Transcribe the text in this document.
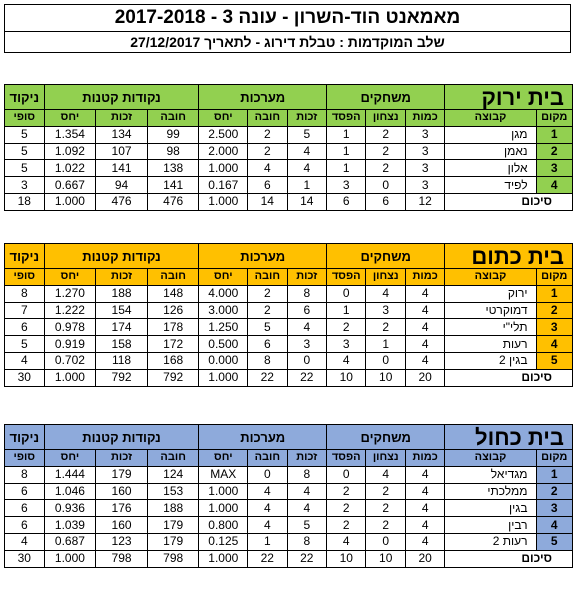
מאמאנט הוד-השרון - עונה 3 - 2017-2018
שלב המוקדמות : טבלת דירוג - לתאריך 27/12/2017
בית ירוק		משחקים			מערכות			נקודות קטנות			ניקוד

מקום	קבוצה	כמות	נצחון	הפסד	זכות	חובה	יחס	חובה	זכות	יחס	סופי
1	מגן	3	2	1	5	2	2.500	99	134	1.354	5
2	נאמן	3	2	1	4	2	2.000	98	107	1.092	5
3	אלון	3	2	1	4	4	1.000	138	141	1.022	5
4	לפיד	3	0	3	1	6	0.167	141	94	0.667	3
סיכום		12	6	6	14	14	1.000	476	476	1.000	18
בית כתום		משחקים			מערכות			נקודות קטנות			ניקוד

מקום	קבוצה	כמות	נצחון	הפסד	זכות	חובה	יחס	חובה	זכות	יחס	סופי
1	ירוק	4	4	0	8	2	4.000	148	188	1.270	8
2	דמוקרטי	4	3	1	6	2	3.000	126	154	1.222	7
3	תלי"י	4	2	2	4	5	1.250	178	174	0.978	6
4	רעות	4	1	3	3	6	0.500	172	158	0.919	5
5	בגין 2	4	0	4	0	8	0.000	168	118	0.702	4
סיכום		20	10	10	22	22	1.000	792	792	1.000	30
בית כחול		משחקים			מערכות			נקודות קטנות			ניקוד

מקום	קבוצה	כמות	נצחון	הפסד	זכות	חובה	יחס	חובה	זכות	יחס	סופי
1	מגדיאל	4	4	0	8	0	MAX	124	179	1.444	8
2	ממלכתי	4	2	2	4	4	1.000	153	160	1.046	6
3	בגין	4	2	2	4	4	1.000	188	176	0.936	6
4	רבין	4	2	2	5	4	0.800	179	160	1.039	6
5	רעות 2	4	0	4	8	1	0.125	179	123	0.687	4
סיכום		20	10	10	22	22	1.000	798	798	1.000	30
